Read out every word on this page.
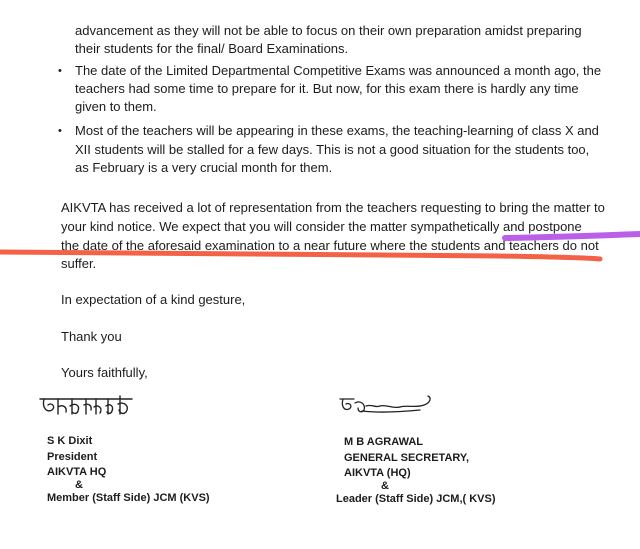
advancement as they will not be able to focus on their own preparation amidst preparing
their students for the final/ Board Examinations.
• The date of the Limited Departmental Competitive Exams was announced a month ago, the
teachers had some time to prepare for it. But now, for this exam there is hardly any time
given to them.
• Most of the teachers will be appearing in these exams, the teaching-learning of class X and
XII students will be stalled for a few days. This is not a good situation for the students too,
as February is a very crucial month for them.
AIKVTA has received a lot of representation from the teachers requesting to bring the matter to
your kind notice. We expect that you will consider the matter sympathetically and postpone
the date of the aforesaid examination to a near future where the students and teachers do not
suffer.
In expectation of a kind gesture,
Thank you
Yours faithfully,
S K Dixit
President
AIKVTA HQ
&
Member (Staff Side) JCM (KVS)
M B AGRAWAL
GENERAL SECRETARY,
AIKVTA (HQ)
&
Leader (Staff Side) JCM,( KVS)
